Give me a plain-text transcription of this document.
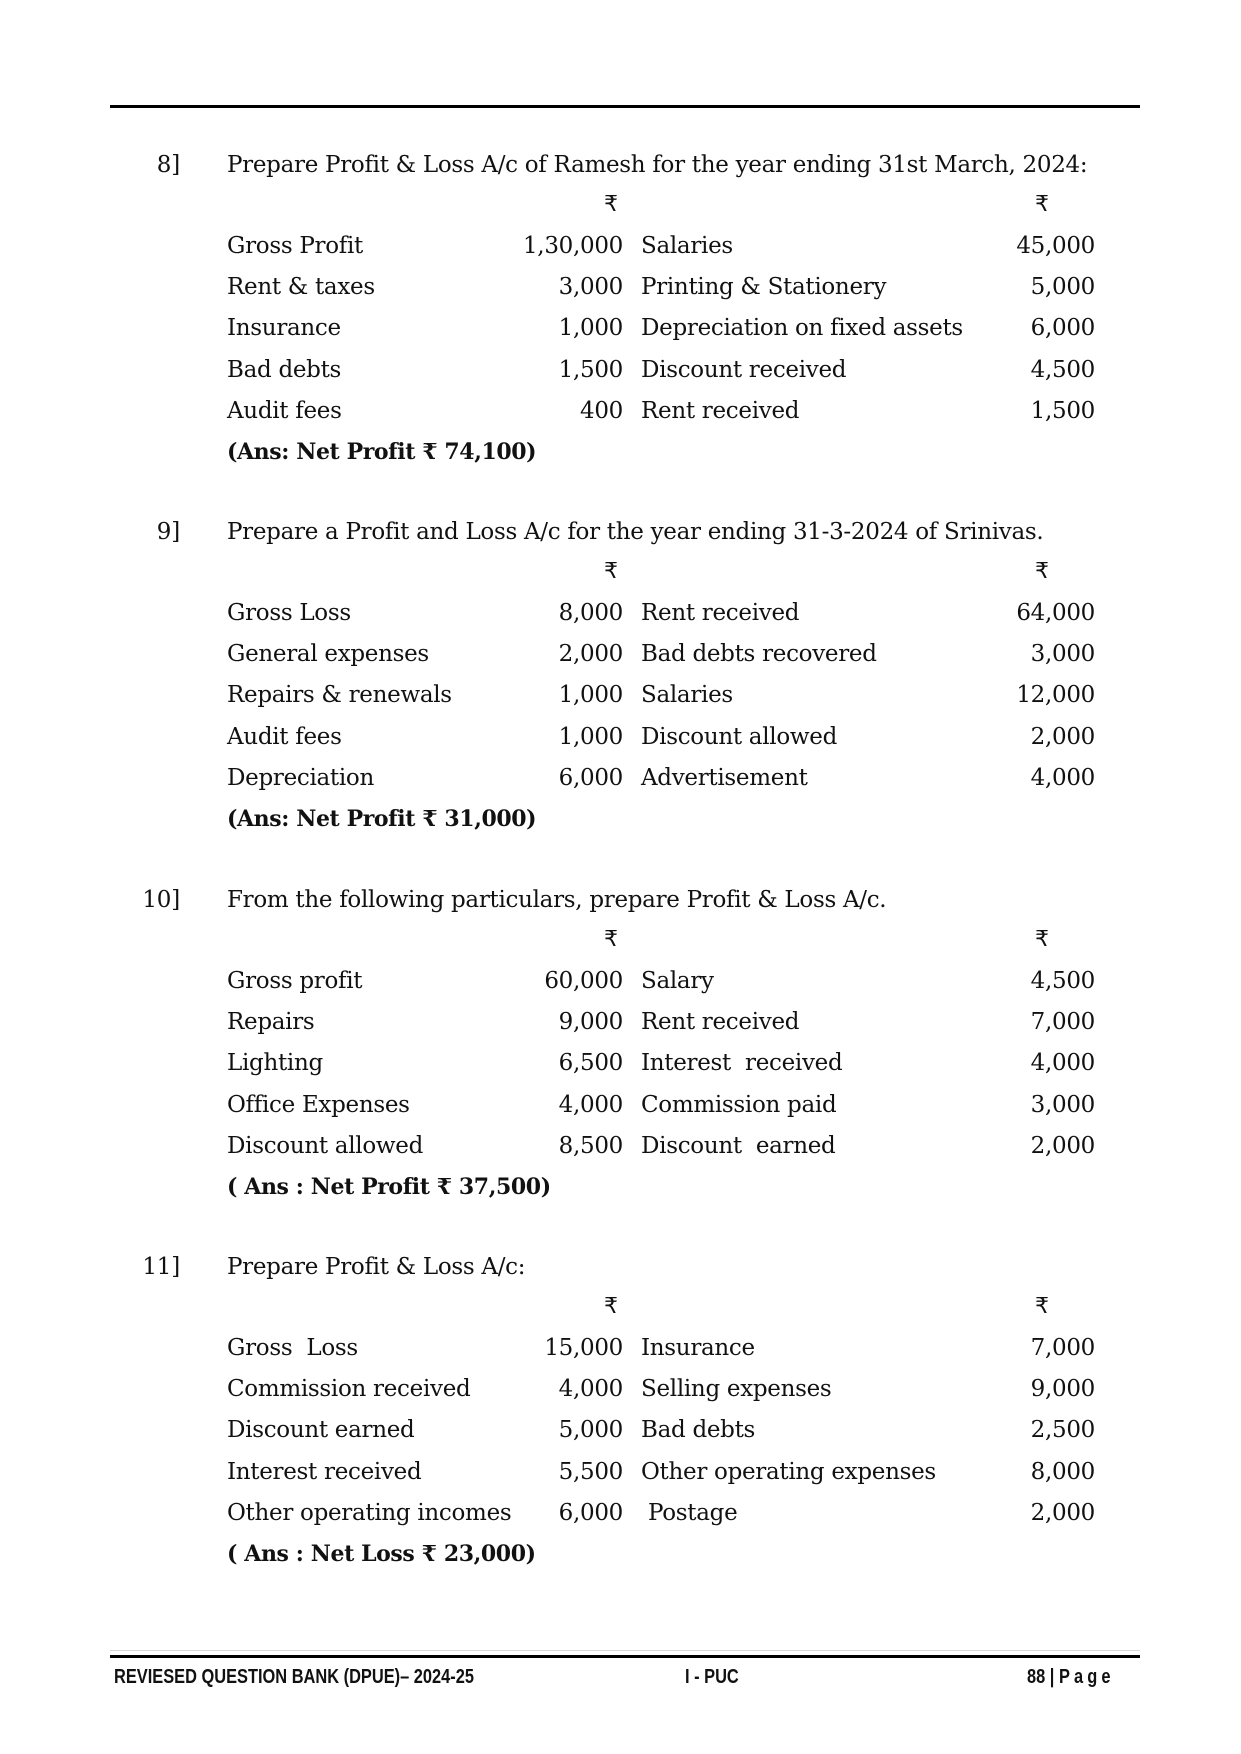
8] Prepare Profit & Loss A/c of Ramesh for the year ending 31st March, 2024:
₹	₹
Gross Profit	1,30,000 Salaries	45,000
Rent & taxes	3,000 Printing & Stationery	5,000
Insurance	1,000 Depreciation on fixed assets	6,000
Bad debts	1,500 Discount received	4,500
Audit fees	400 Rent received	1,500
(Ans: Net Profit ₹ 74,100)
9] Prepare a Profit and Loss A/c for the year ending 31-3-2024 of Srinivas.
₹	₹
Gross Loss	8,000 Rent received	64,000
General expenses	2,000 Bad debts recovered	3,000
Repairs & renewals	1,000 Salaries	12,000
Audit fees	1,000 Discount allowed	2,000
Depreciation	6,000 Advertisement	4,000
(Ans: Net Profit ₹ 31,000)
10] From the following particulars, prepare Profit & Loss A/c.
₹	₹
Gross profit	60,000 Salary	4,500
Repairs	9,000 Rent received	7,000
Lighting	6,500 Interest  received	4,000
Office Expenses	4,000 Commission paid	3,000
Discount allowed	8,500 Discount  earned	2,000
( Ans : Net Profit ₹ 37,500)
11] Prepare Profit & Loss A/c:
₹	₹
Gross  Loss	15,000 Insurance	7,000
Commission received	4,000 Selling expenses	9,000
Discount earned	5,000 Bad debts	2,500
Interest received	5,500 Other operating expenses	8,000
Other operating incomes 6,000 Postage	2,000
( Ans : Net Loss ₹ 23,000)
REVIESED QUESTION BANK (DPUE)– 2024-25	I - PUC	88 | Page
